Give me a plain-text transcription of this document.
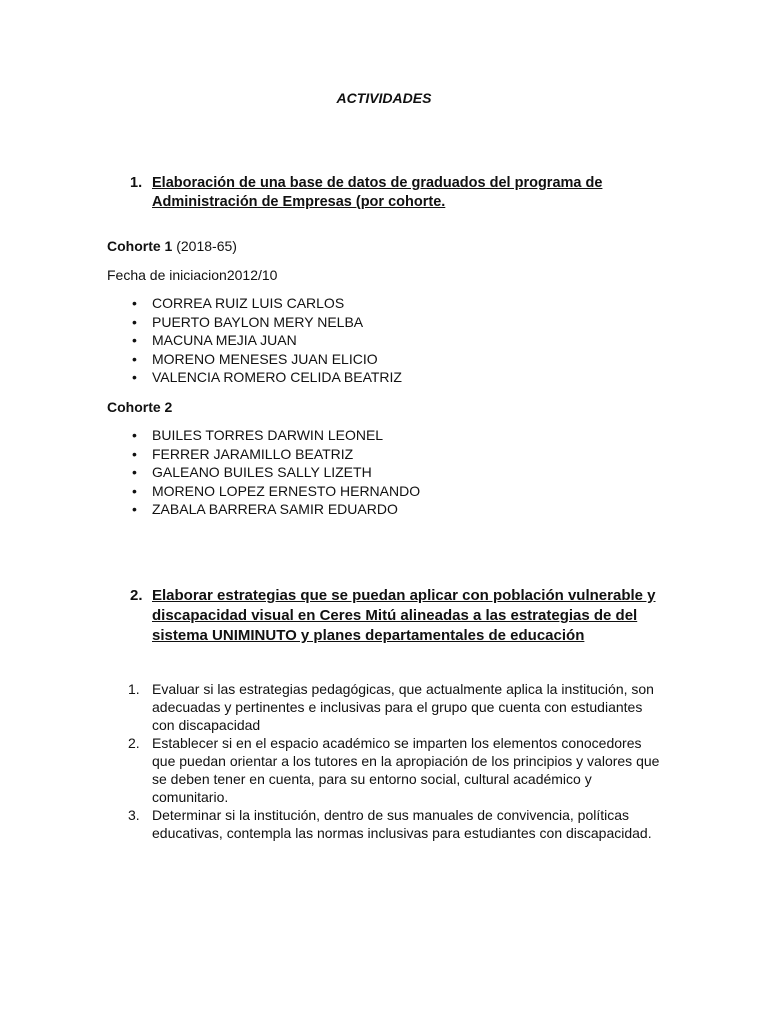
ACTIVIDADES
1. Elaboración de una base de datos de graduados del programa de
Administración de Empresas (por cohorte.
Cohorte 1 (2018-65)
Fecha de iniciacion2012/10
• CORREA RUIZ LUIS CARLOS
• PUERTO BAYLON MERY NELBA
• MACUNA MEJIA JUAN
• MORENO MENESES JUAN ELICIO
• VALENCIA ROMERO CELIDA BEATRIZ
Cohorte 2
• BUILES TORRES DARWIN LEONEL
• FERRER JARAMILLO BEATRIZ
• GALEANO BUILES SALLY LIZETH
• MORENO LOPEZ ERNESTO HERNANDO
• ZABALA BARRERA SAMIR EDUARDO
2. Elaborar estrategias que se puedan aplicar con población vulnerable y
discapacidad visual en Ceres Mitú alineadas a las estrategias de del
sistema UNIMINUTO y planes departamentales de educación
1. Evaluar si las estrategias pedagógicas, que actualmente aplica la institución, son adecuadas y pertinentes e inclusivas para el grupo que cuenta con estudiantes con discapacidad
2. Establecer si en el espacio académico se imparten los elementos conocedores que puedan orientar a los tutores en la apropiación de los principios y valores que se deben tener en cuenta, para su entorno social, cultural académico y comunitario.
3. Determinar si la institución, dentro de sus manuales de convivencia, políticas educativas, contempla las normas inclusivas para estudiantes con discapacidad.
